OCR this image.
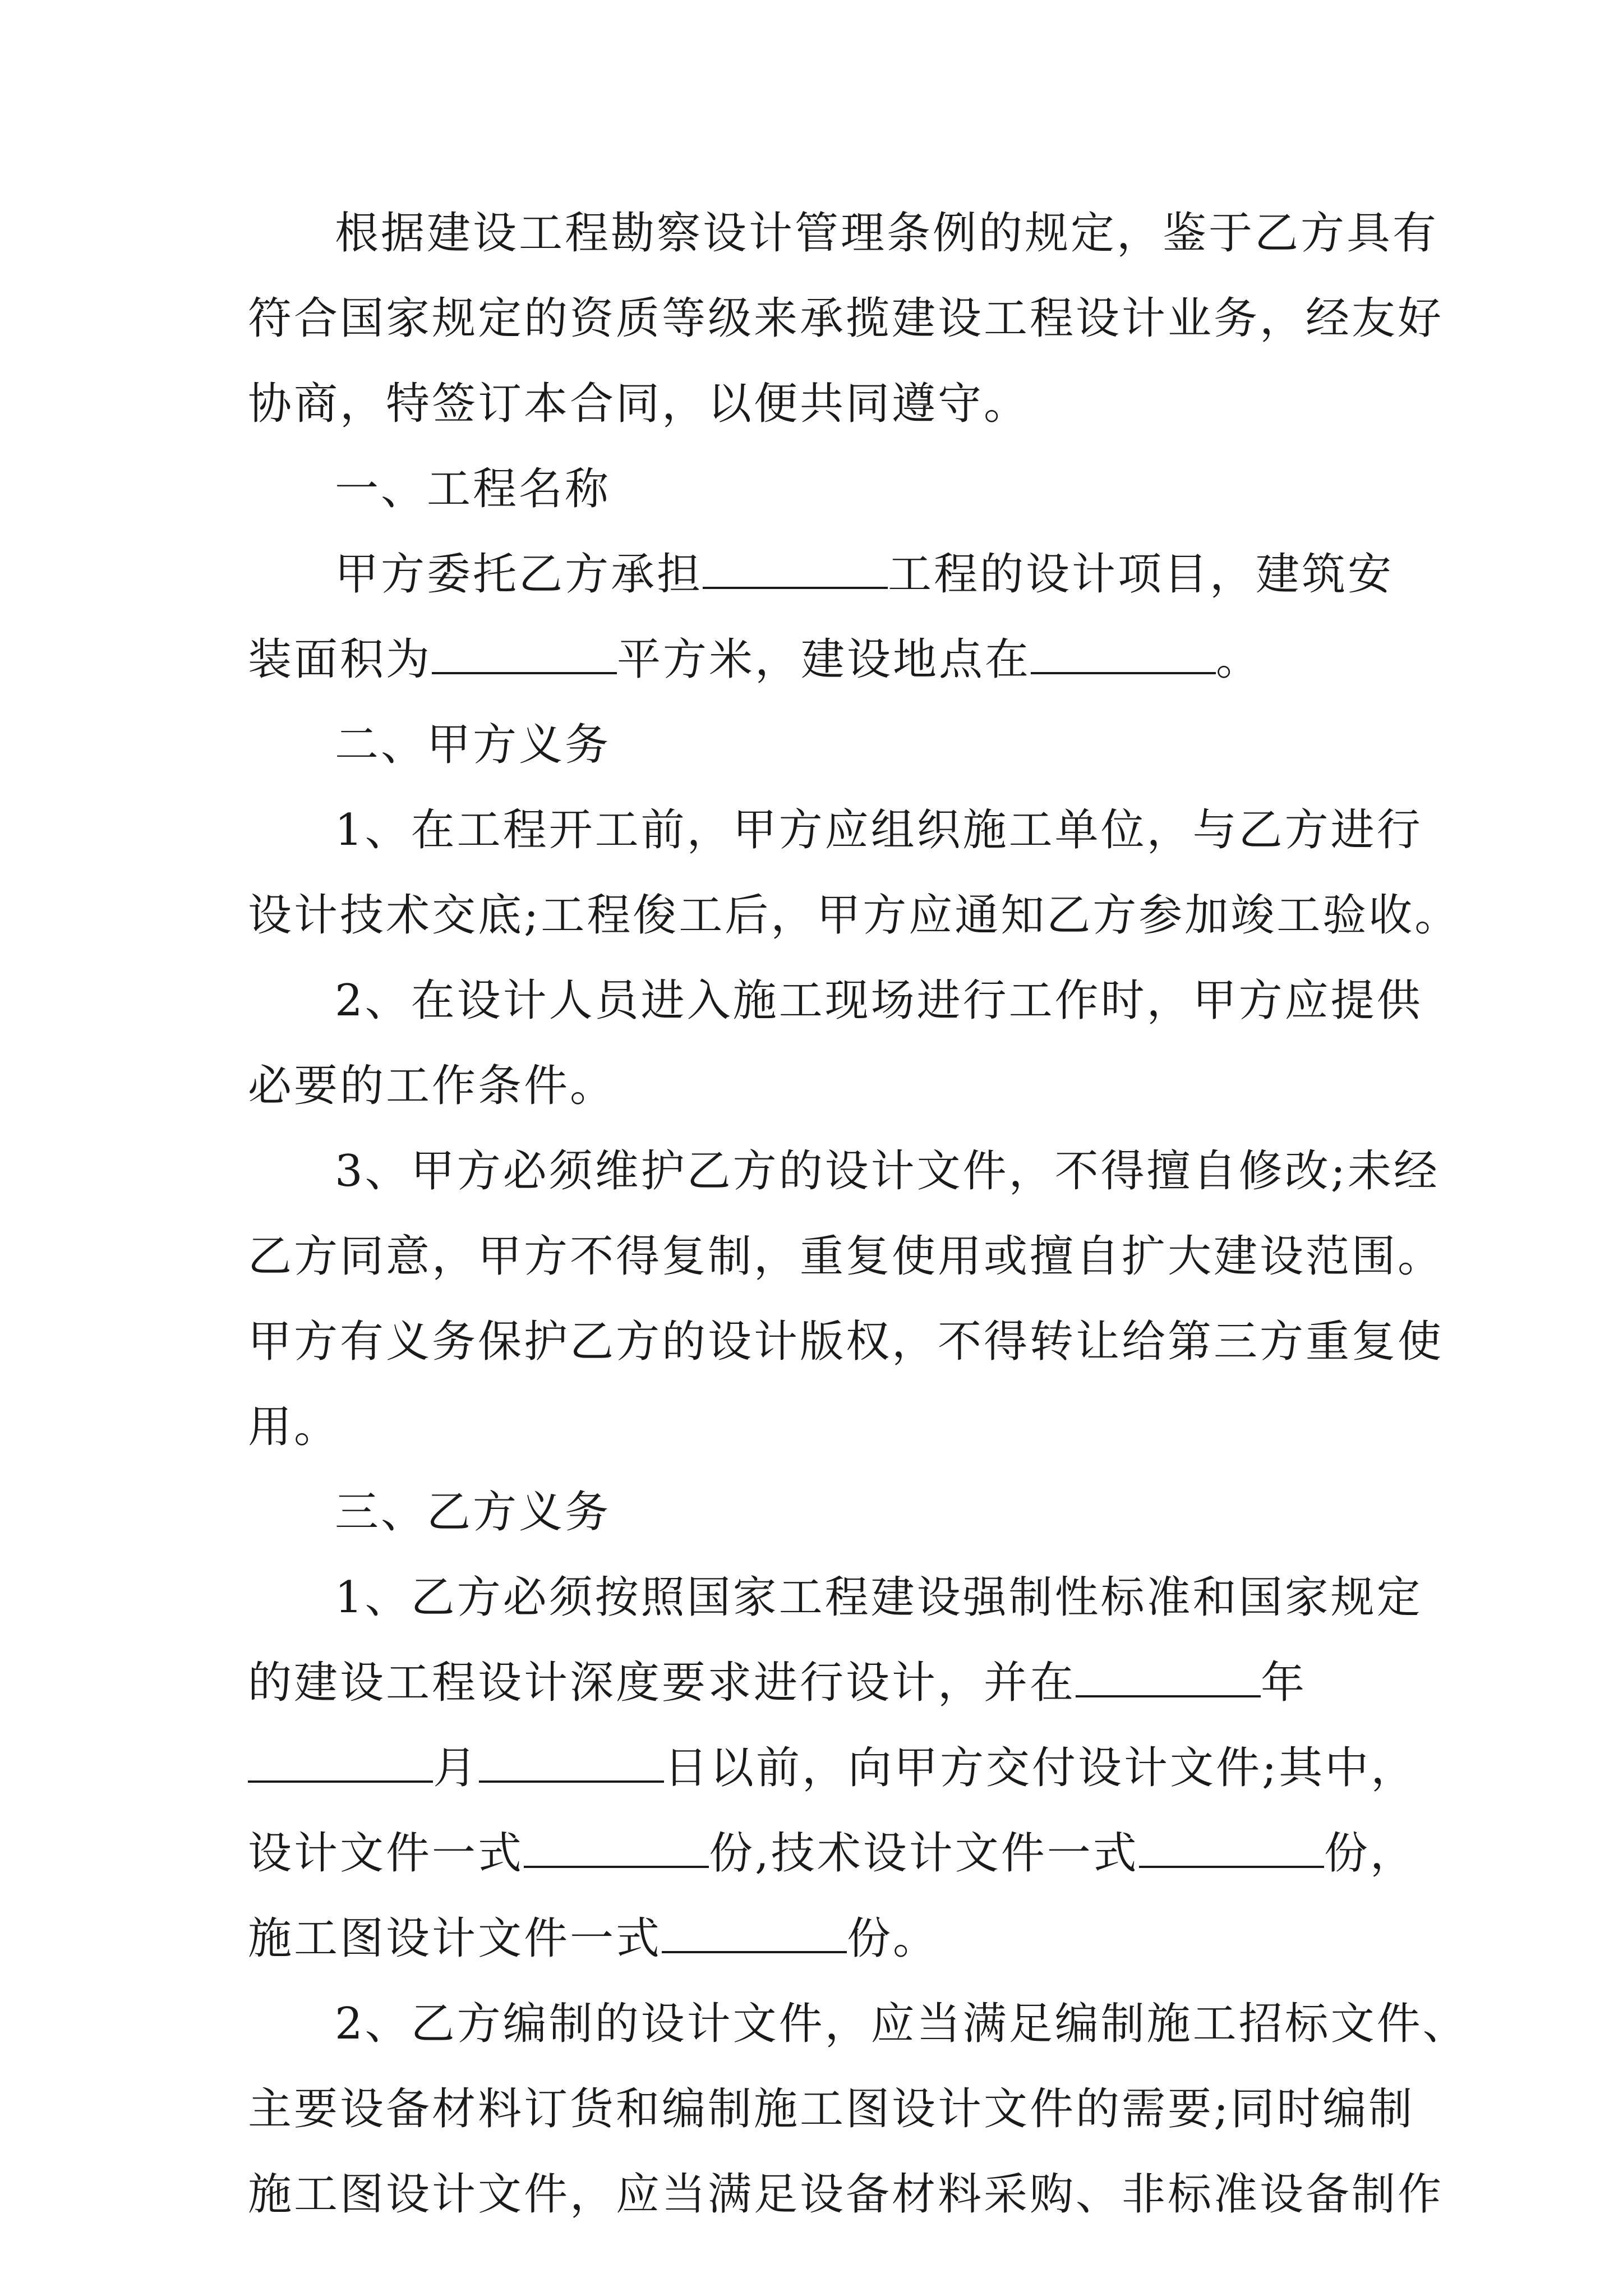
根据建设工程勘察设计管理条例的规定，鉴于乙方具有
符合国家规定的资质等级来承揽建设工程设计业务，经友好
协商，特签订本合同，以便共同遵守。
一、工程名称
甲方委托乙方承担	工程的设计项目，建筑安
装面积为	平方米，建设地点在	。
二、甲方义务
1、在工程开工前，甲方应组织施工单位，与乙方进行
设计技术交底;工程俊工后，甲方应通知乙方参加竣工验收。
2、在设计人员进入施工现场进行工作时，甲方应提供
必要的工作条件。
3、甲方必须维护乙方的设计文件，不得擅自修改;未经
乙方同意，甲方不得复制，重复使用或擅自扩大建设范围。
甲方有义务保护乙方的设计版权，不得转让给第三方重复使
用。
三、乙方义务
1、乙方必须按照国家工程建设强制性标准和国家规定
的建设工程设计深度要求进行设计，并在	年
月	日以前，向甲方交付设计文件;其中，
设计文件一式	份,技术设计文件一式	份，
施工图设计文件一式	份。
2、乙方编制的设计文件，应当满足编制施工招标文件、
主要设备材料订货和编制施工图设计文件的需要;同时编制
施工图设计文件，应当满足设备材料采购、非标准设备制作
